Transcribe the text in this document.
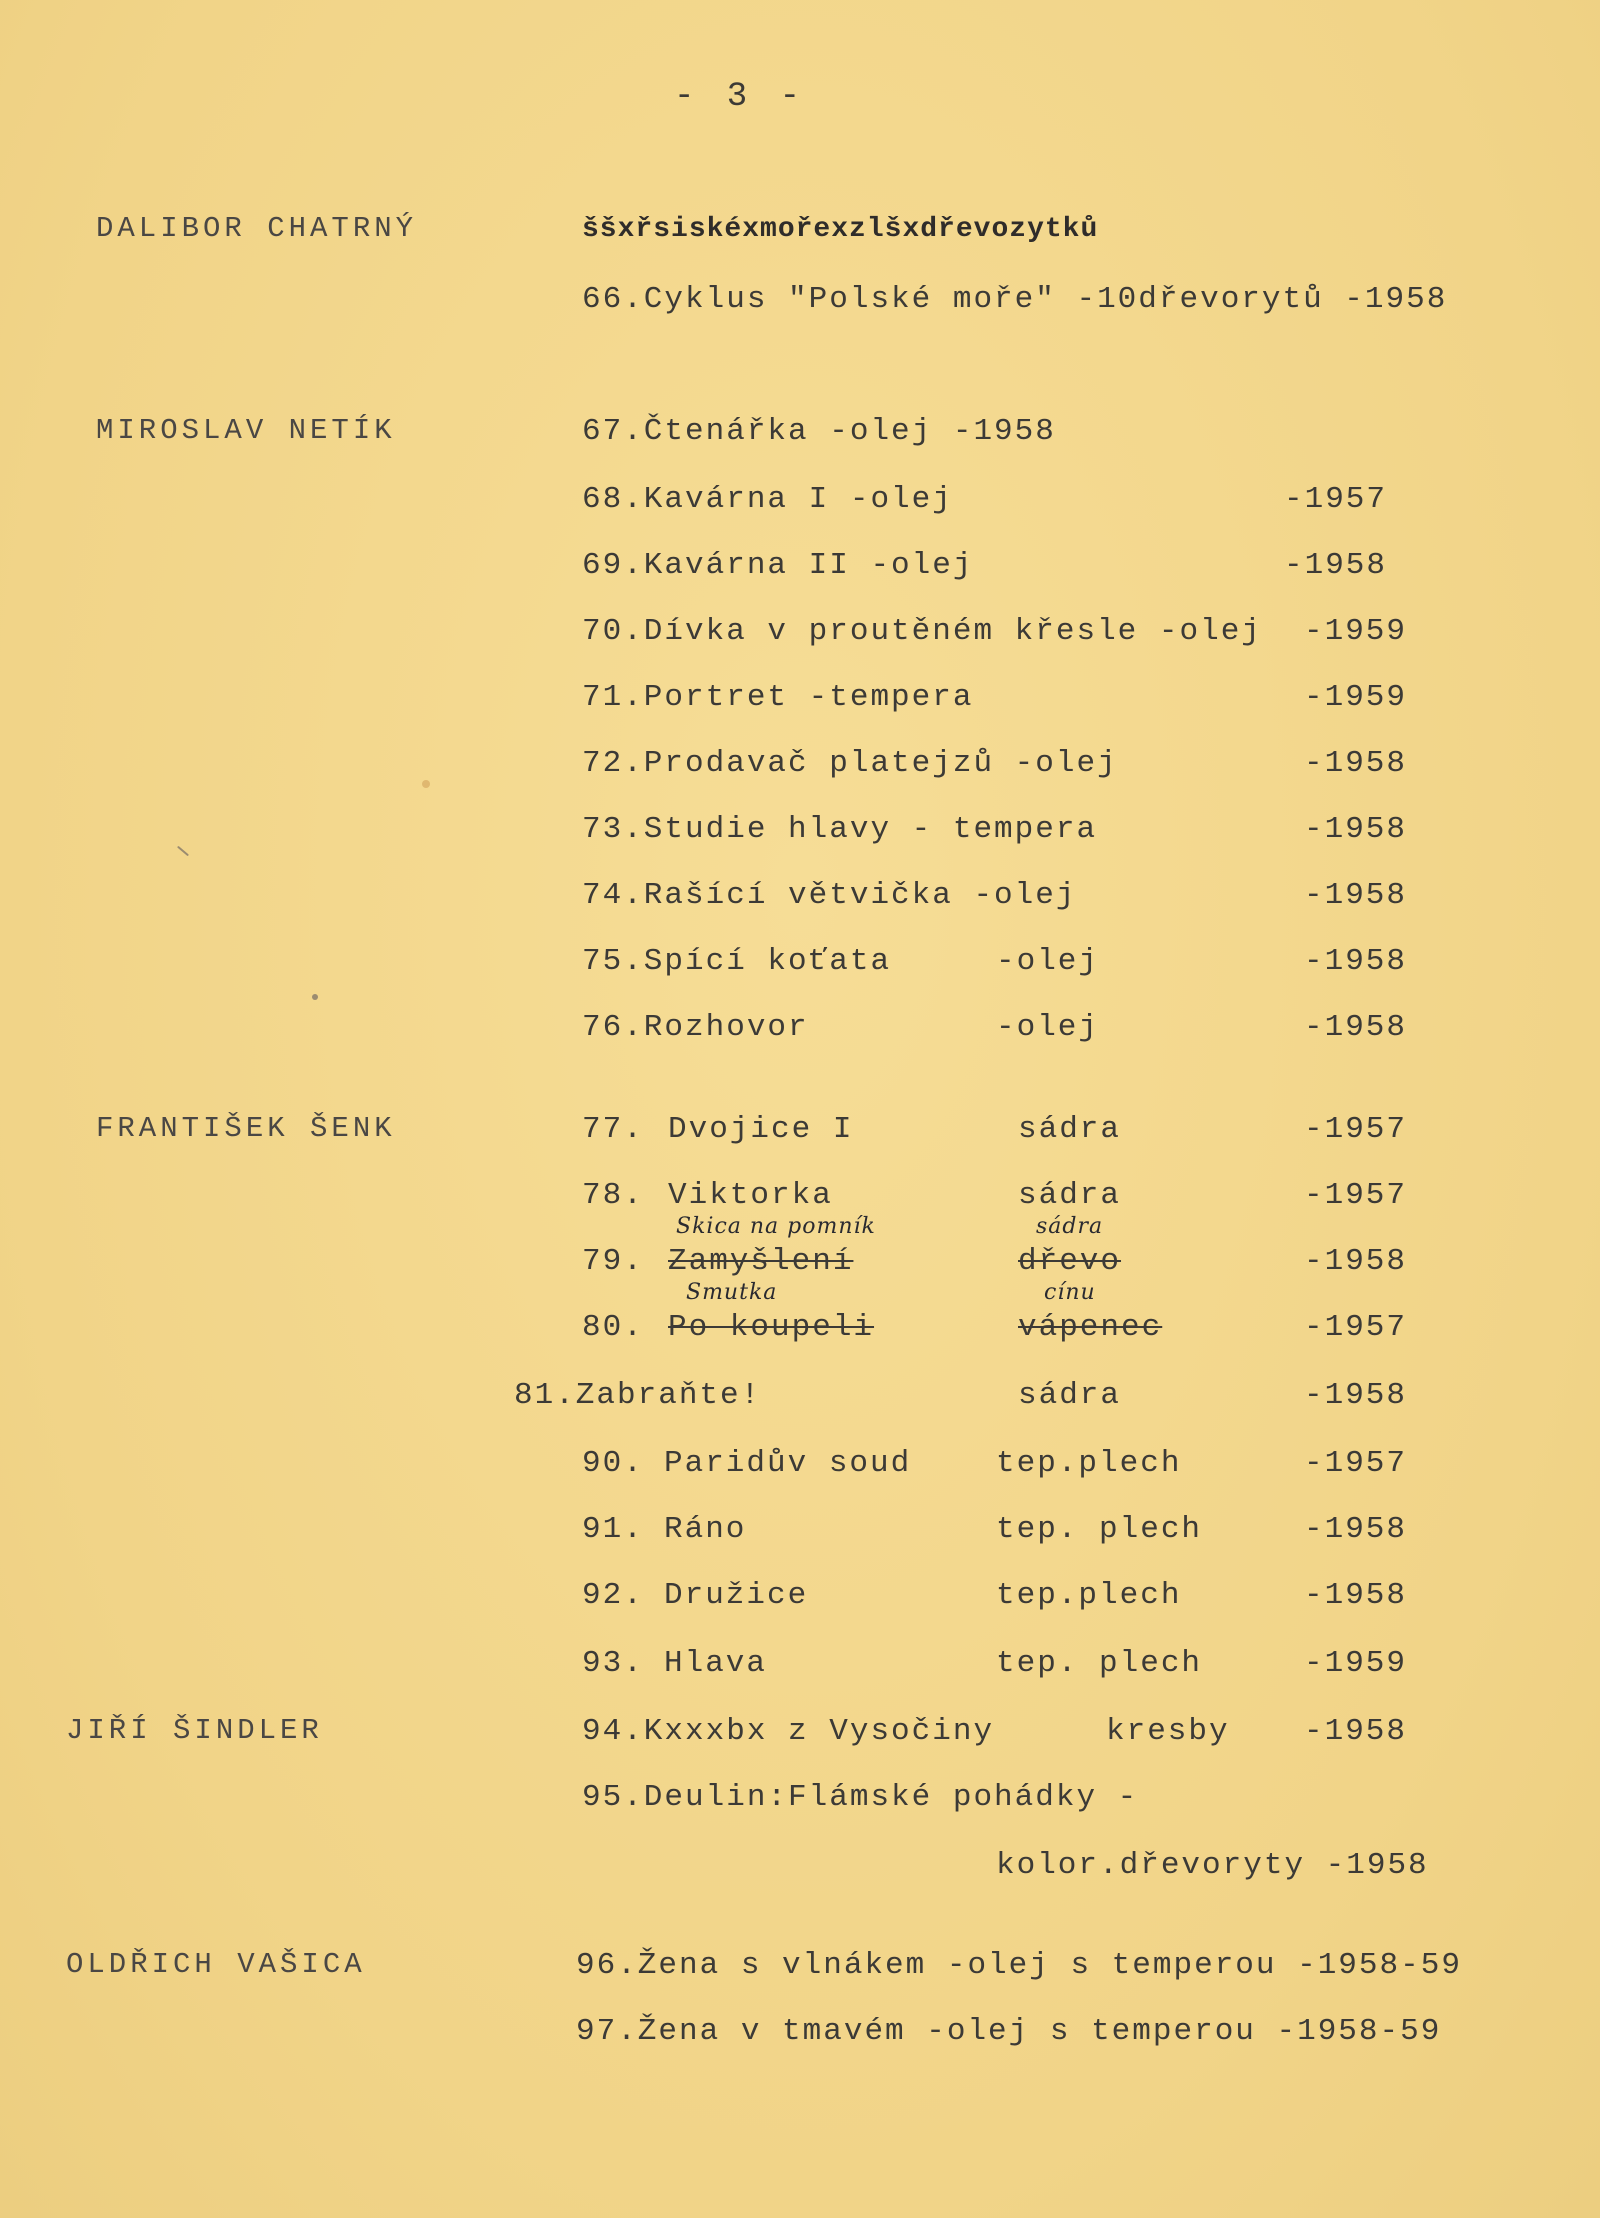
- 3 -
DALIBOR CHATRNÝ	ššxřsiskéxmořexzlšxdřevozytků
66.Cyklus "Polské moře" -10dřevorytů -1958
MIROSLAV NETÍK	67.Čtenářka -olej -1958
68.Kavárna I -olej	-1957
69.Kavárna II -olej	-1958
70.Dívka v proutěném křesle -olej -1959
71.Portret -tempera	-1959
72.Prodavač platejzů -olej	-1958
73.Studie hlavy - tempera	-1958
74.Rašící větvička -olej	-1958
75.Spící koťata	-olej	-1958
76.Rozhovor	-olej	-1958
FRANTIŠEK ŠENK	77. Dvojice I	sádra	-1957
78. Viktorka	sádra	-1957
Skica na pomník	sádra
79. Zamyšlení	dřevo	-1958
Smutka	cínu
80. Po koupeli	vápenec	-1957
81.Zabraňte!	sádra	-1958
90. Paridův soud	tep.plech	-1957
91. Ráno	tep. plech	-1958
92. Družice	tep.plech	-1958
93. Hlava	tep. plech	-1959
JIŘÍ ŠINDLER	94.Kxxxbx z Vysočiny	kresby -1958
95.Deulin:Flámské pohádky -
kolor.dřevoryty -1958
OLDŘICH VAŠICA	96.Žena s vlnákem -olej s temperou -1958-59
97.Žena v tmavém -olej s temperou -1958-59
